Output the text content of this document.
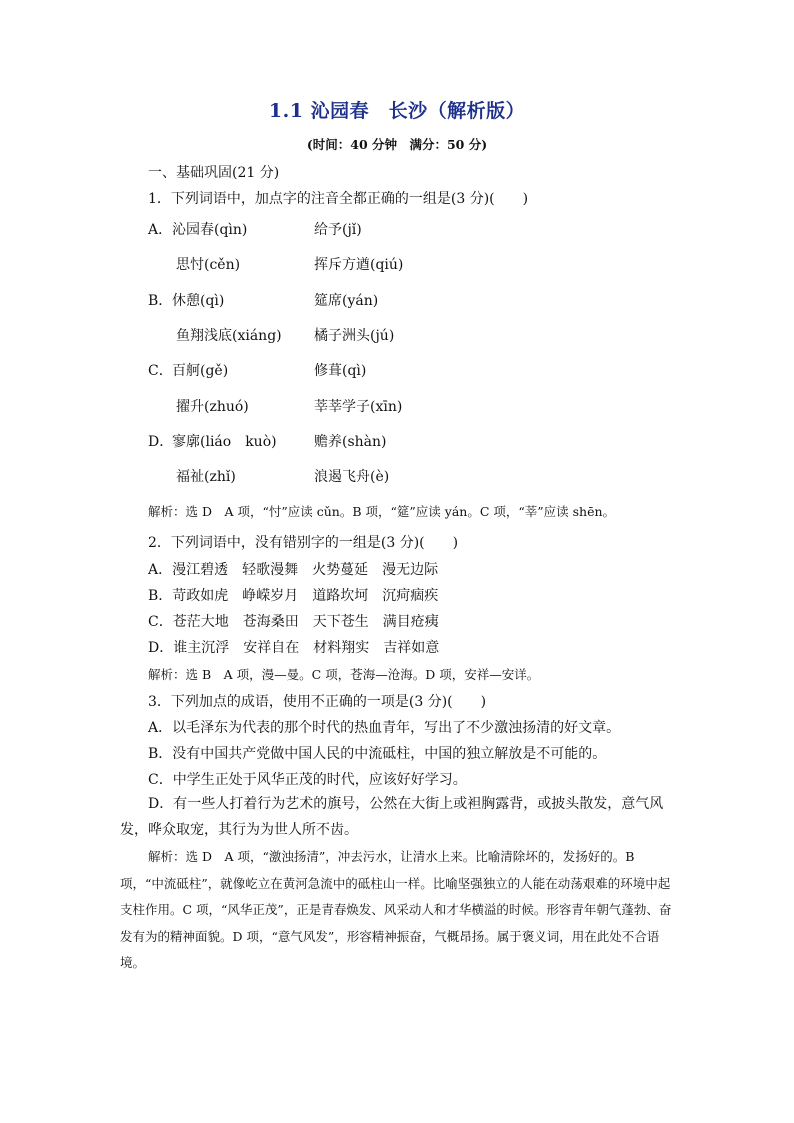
1.1 沁园春　长沙（解析版）
(时间：40 分钟　满分：50 分)
一、基础巩固(21 分)
1．下列词语中，加点字的注音全都正确的一组是(3 分)(　　)
A． 沁园春(qìn)	给予(jǐ)
思忖(cěn)	挥斥方遒(qiú)
B． 休憩(qì)	筵席(yán)
鱼翔浅底(xiáng) 橘子洲头(jú)
C． 百舸(gě)	修葺(qì)
擢升(zhuó)	莘莘学子(xīn)
D．
寥廓(liáo　kuò)	赡养(shàn)
福祉(zhǐ)	浪遏飞舟(è)
解析：选 D　A 项，“忖”应读 cǔn。B 项，“筵”应读 yán。C 项，“莘”应读 shēn。
2．下列词语中，没有错别字的一组是(3 分)(　　)
A．漫江碧透　轻歌漫舞　火势蔓延　漫无边际
B．苛政如虎　峥嵘岁月　道路坎坷　沉疴痼疾
C．苍茫大地　苍海桑田　天下苍生　满目疮痍
D．谁主沉浮　安祥自在　材料翔实　吉祥如意
解析：选 B　A 项，漫—曼。C 项，苍海—沧海。D 项，安祥—安详。
3．下列加点的成语，使用不正确的一项是(3 分)(　　)
A．以毛泽东为代表的那个时代的热血青年，写出了不少激浊扬清的好文章。
B．没有中国共产党做中国人民的中流砥柱，中国的独立解放是不可能的。
C．中学生正处于风华正茂的时代，应该好好学习。
D．有一些人打着行为艺术的旗号，公然在大街上或袒胸露背，或披头散发，意气风发，哗众取宠，其行为为世人所不齿。
解析：选 D　A 项，“激浊扬清”，冲去污水，让清水上来。比喻清除坏的，发扬好的。B 项，“中流砥柱”，就像屹立在黄河急流中的砥柱山一样。比喻坚强独立的人能在动荡艰难的环境中起支柱作用。C 项，“风华正茂”，正是青春焕发、风采动人和才华横溢的时候。形容青年朝气蓬勃、奋发有为的精神面貌。D 项，“意气风发”，形容精神振奋，气概昂扬。属于褒义词，用在此处不合语境。
